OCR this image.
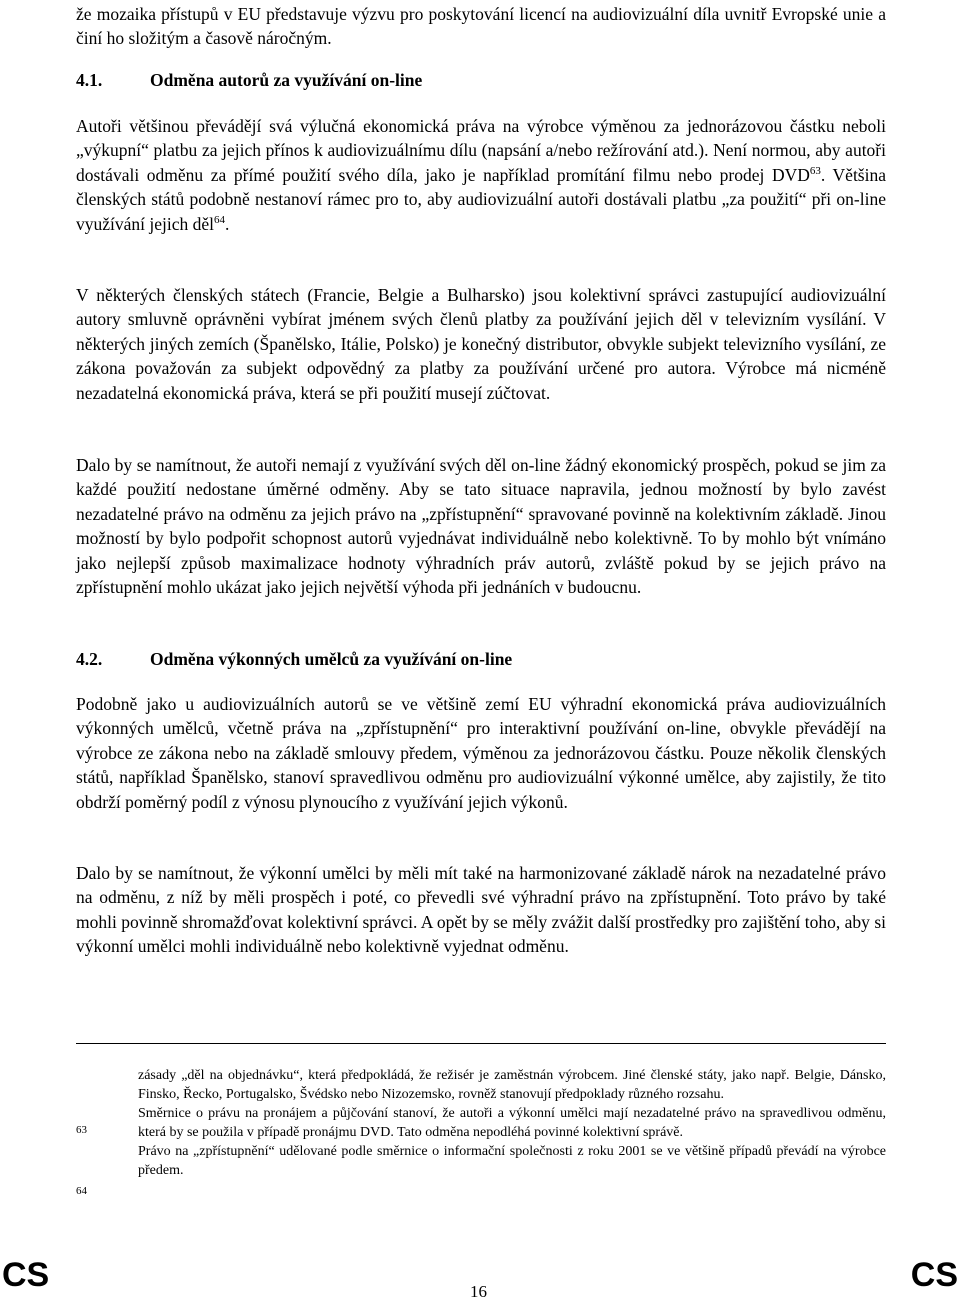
že mozaika přístupů v EU představuje výzvu pro poskytování licencí na audiovizuální díla uvnitř Evropské unie a činí ho složitým a časově náročným.

4.1.	Odměna autorů za využívání on-line

Autoři většinou převádějí svá výlučná ekonomická práva na výrobce výměnou za jednorázovou částku neboli „výkupní“ platbu za jejich přínos k audiovizuálnímu dílu (napsání a/nebo režírování atd.). Není normou, aby autoři dostávali odměnu za přímé použití svého díla, jako je například promítání filmu nebo prodej DVD$^{63}$. Většina členských států podobně nestanoví rámec pro to, aby audiovizuální autoři dostávali platbu „za použití“ při on-line využívání jejich děl$^{64}$.

V některých členských státech (Francie, Belgie a Bulharsko) jsou kolektivní správci zastupující audiovizuální autory smluvně oprávněni vybírat jménem svých členů platby za používání jejich děl v televizním vysílání. V některých jiných zemích (Španělsko, Itálie, Polsko) je konečný distributor, obvykle subjekt televizního vysílání, ze zákona považován za subjekt odpovědný za platby za používání určené pro autora. Výrobce má nicméně nezadatelná ekonomická práva, která se při použití musejí zúčtovat.

Dalo by se namítnout, že autoři nemají z využívání svých děl on-line žádný ekonomický prospěch, pokud se jim za každé použití nedostane úměrné odměny. Aby se tato situace napravila, jednou možností by bylo zavést nezadatelné právo na odměnu za jejich právo na „zpřístupnění“ spravované povinně na kolektivním základě. Jinou možností by bylo podpořit schopnost autorů vyjednávat individuálně nebo kolektivně. To by mohlo být vnímáno jako nejlepší způsob maximalizace hodnoty výhradních práv autorů, zvláště pokud by se jejich právo na zpřístupnění mohlo ukázat jako jejich největší výhoda při jednáních v budoucnu.

4.2.	Odměna výkonných umělců za využívání on-line

Podobně jako u audiovizuálních autorů se ve většině zemí EU výhradní ekonomická práva audiovizuálních výkonných umělců, včetně práva na „zpřístupnění“ pro interaktivní používání on-line, obvykle převádějí na výrobce ze zákona nebo na základě smlouvy předem, výměnou za jednorázovou částku. Pouze několik členských států, například Španělsko, stanoví spravedlivou odměnu pro audiovizuální výkonné umělce, aby zajistily, že tito obdrží poměrný podíl z výnosu plynoucího z využívání jejich výkonů.

Dalo by se namítnout, že výkonní umělci by měli mít také na harmonizované základě nárok na nezadatelné právo na odměnu, z níž by měli prospěch i poté, co převedli své výhradní právo na zpřístupnění. Toto právo by také mohli povinně shromažďovat kolektivní správci. A opět by se měly zvážit další prostředky pro zajištění toho, aby si výkonní umělci mohli individuálně nebo kolektivně vyjednat odměnu.

zásady „děl na objednávku“, která předpokládá, že režisér je zaměstnán výrobcem. Jiné členské státy, jako např. Belgie, Dánsko, Finsko, Řecko, Portugalsko, Švédsko nebo Nizozemsko, rovněž stanovují předpoklady různého rozsahu.

Směrnice o právu na pronájem a půjčování stanoví, že autoři a výkonní umělci mají nezadatelné právo na spravedlivou odměnu, která by se použila v případě pronájmu DVD. Tato odměna nepodléhá povinné kolektivní správě.

Právo na „zpřístupnění“ udělované podle směrnice o informační společnosti z roku 2001 se ve většině případů převádí na výrobce předem.

63
64
CS	16	CS
